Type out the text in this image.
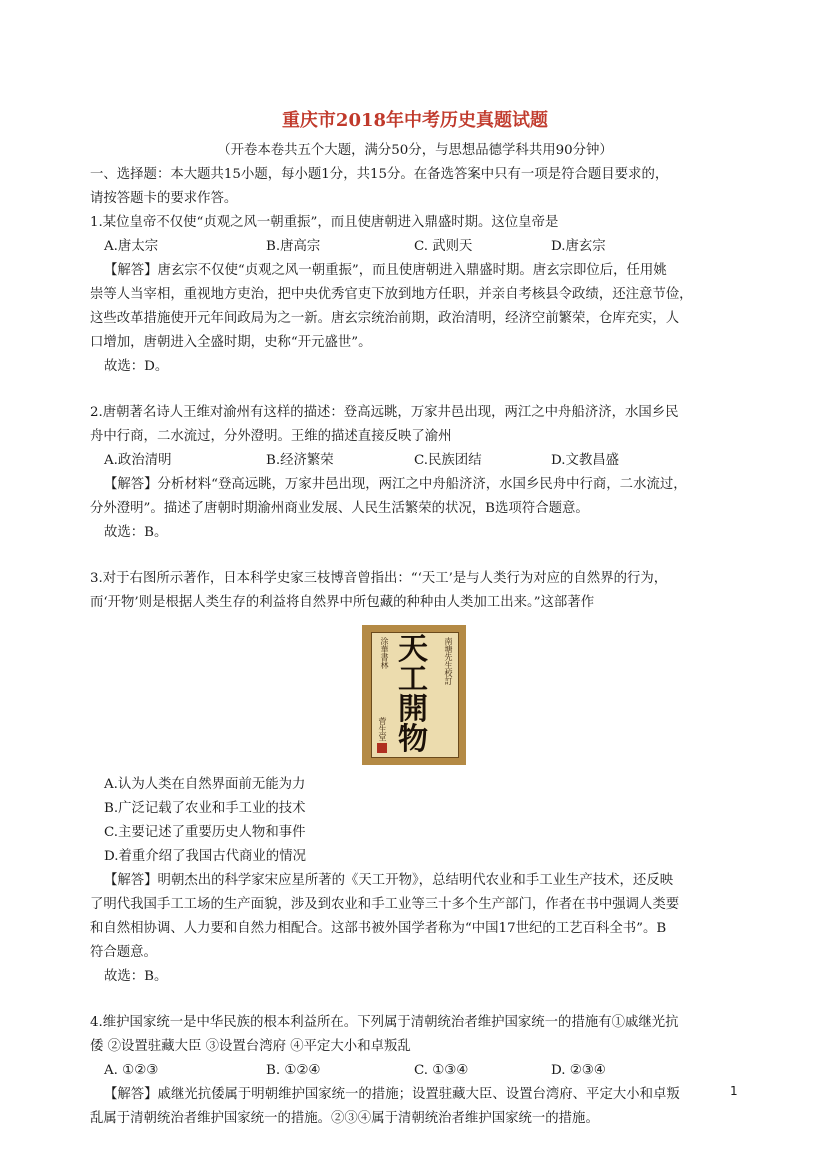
重庆市2018年中考历史真题试题
（开卷本卷共五个大题，满分50分，与思想品德学科共用90分钟）

一、选择题：本大题共15小题，每小题1分，共15分。在备选答案中只有一项是符合题目要求的，

请按答题卡的要求作答。

1.某位皇帝不仅使“贞观之风一朝重振”，而且使唐朝进入鼎盛时期。这位皇帝是

A.唐太宗	B.唐高宗	C. 武则天	D.唐玄宗

【解答】唐玄宗不仅使“贞观之风一朝重振”，而且使唐朝进入鼎盛时期。唐玄宗即位后，任用姚

崇等人当宰相，重视地方吏治，把中央优秀官吏下放到地方任职，并亲自考核县令政绩，还注意节俭，

这些改革措施使开元年间政局为之一新。唐玄宗统治前期，政治清明，经济空前繁荣，仓库充实，人

口增加，唐朝进入全盛时期，史称“开元盛世”。

故选：D。

2.唐朝著名诗人王维对渝州有这样的描述：登高远眺，万家井邑出现，两江之中舟船济济，水国乡民

舟中行商，二水流过，分外澄明。王维的描述直接反映了渝州

A.政治清明	B.经济繁荣	C.民族团结	D.文教昌盛

【解答】分析材料“登高远眺，万家井邑出现，两江之中舟船济济，水国乡民舟中行商，二水流过，

分外澄明”。描述了唐朝时期渝州商业发展、人民生活繁荣的状况，B选项符合题意。

故选：B。

3.对于右图所示著作，日本科学史家三枝博音曾指出：“‘天工’是与人类行为对应的自然界的行为，

而‘开物’则是根据人类生存的利益将自然界中所包藏的种种由人类加工出来。”这部著作

涂華書林 天工開物
南塘先生校訂
菅生堂

A.认为人类在自然界面前无能为力

B.广泛记载了农业和手工业的技术

C.主要记述了重要历史人物和事件

D.着重介绍了我国古代商业的情况

【解答】明朝杰出的科学家宋应星所著的《天工开物》，总结明代农业和手工业生产技术，还反映

了明代我国手工工场的生产面貌，涉及到农业和手工业等三十多个生产部门，作者在书中强调人类要

和自然相协调、人力要和自然力相配合。这部书被外国学者称为“中国17世纪的工艺百科全书”。B

符合题意。

故选：B。

4.维护国家统一是中华民族的根本利益所在。下列属于清朝统治者维护国家统一的措施有①戚继光抗

倭 ②设置驻藏大臣 ③设置台湾府 ④平定大小和卓叛乱

A. ①②③	B. ①②④	C. ①③④	D. ②③④

【解答】戚继光抗倭属于明朝维护国家统一的措施；设置驻藏大臣、设置台湾府、平定大小和卓叛

乱属于清朝统治者维护国家统一的措施。②③④属于清朝统治者维护国家统一的措施。

1
